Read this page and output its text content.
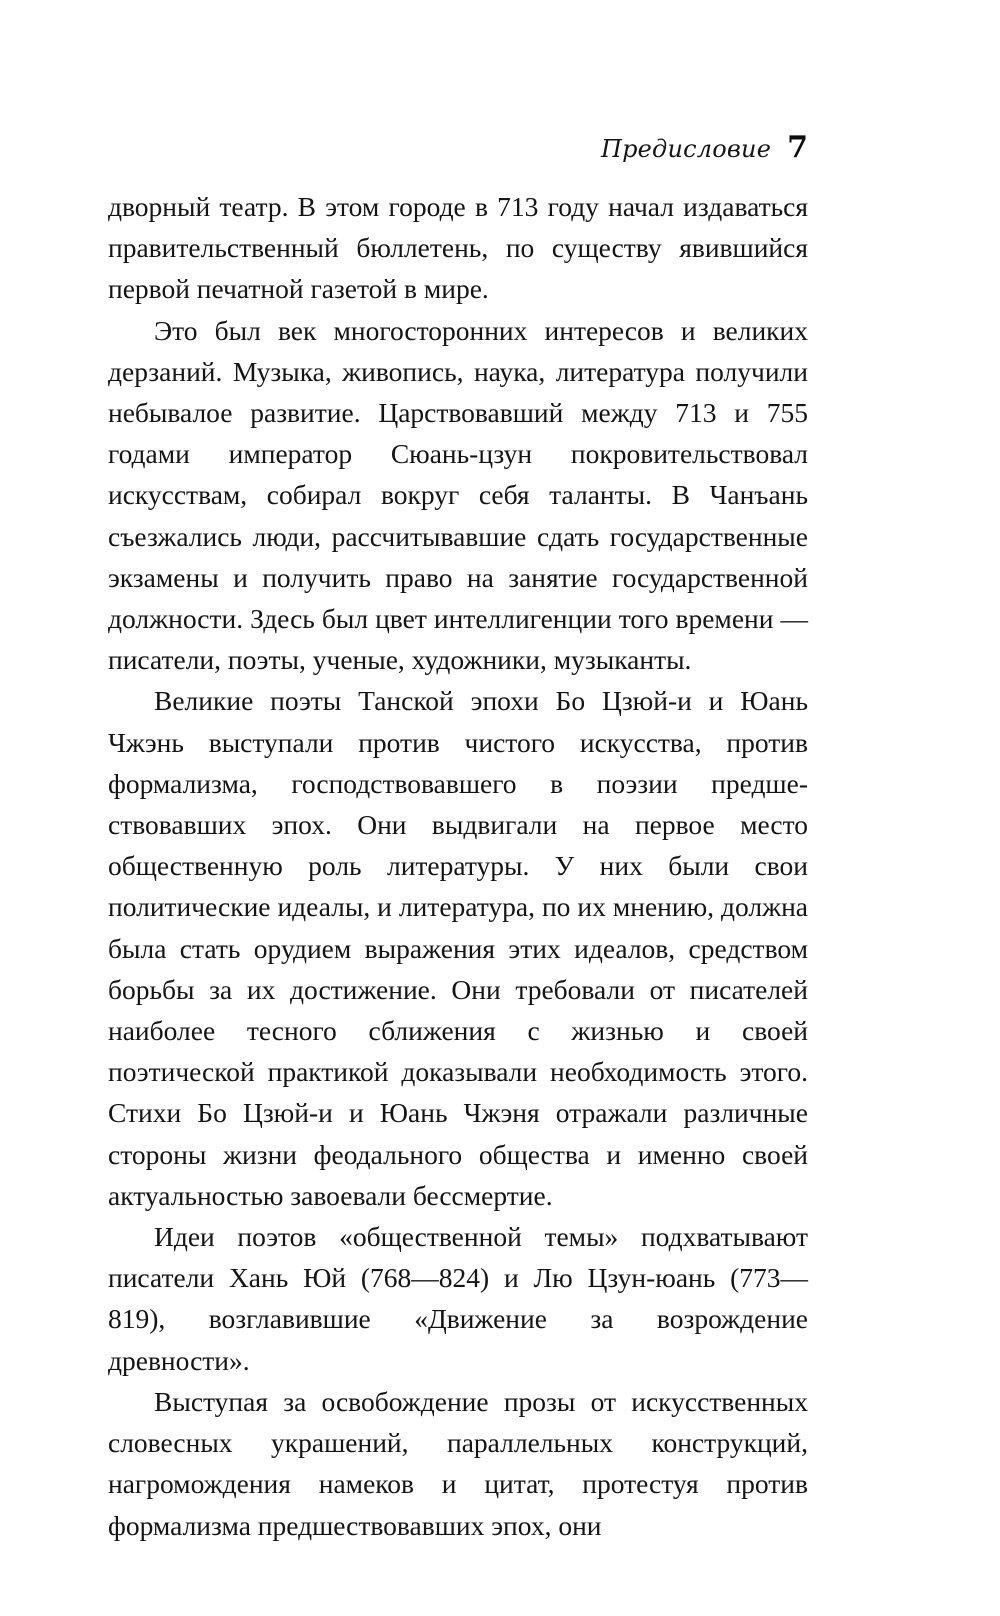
Предисловие 7

дворный театр. В этом городе в 713 году начал издаваться правительственный бюллетень, по существу явившийся первой печатной газетой в мире.

Это был век многосторонних интересов и великих дерзаний. Музыка, живопись, наука, литература получили небывалое развитие. Царствовавший между 713 и 755 годами император Сюань-цзун покровительствовал искусствам, собирал вокруг себя таланты. В Чанъань съезжались люди, рассчитывавшие сдать государственные экзамены и получить право на занятие государственной должности. Здесь был цвет интеллигенции того времени — писатели, поэты, ученые, художники, музыканты.

Великие поэты Танской эпохи Бо Цзюй-и и Юань Чжэнь выступали против чистого искусства, против формализма, господствовавшего в поэзии предшествовавших эпох. Они выдвигали на первое место общественную роль литературы. У них были свои политические идеалы, и литература, по их мнению, должна была стать орудием выражения этих идеалов, средством борьбы за их достижение. Они требовали от писателей наиболее тесного сближения с жизнью и своей поэтической практикой доказывали необходимость этого. Стихи Бо Цзюй-и и Юань Чжэня отражали различные стороны жизни феодального общества и именно своей актуальностью завоевали бессмертие.

Идеи поэтов «общественной темы» подхватывают писатели Хань Юй (768—824) и Лю Цзун-юань (773—819), возглавившие «Движение за возрождение древности».

Выступая за освобождение прозы от искусственных словесных украшений, параллельных конструкций, нагромождения намеков и цитат, протестуя против формализма предшествовавших эпох, они
